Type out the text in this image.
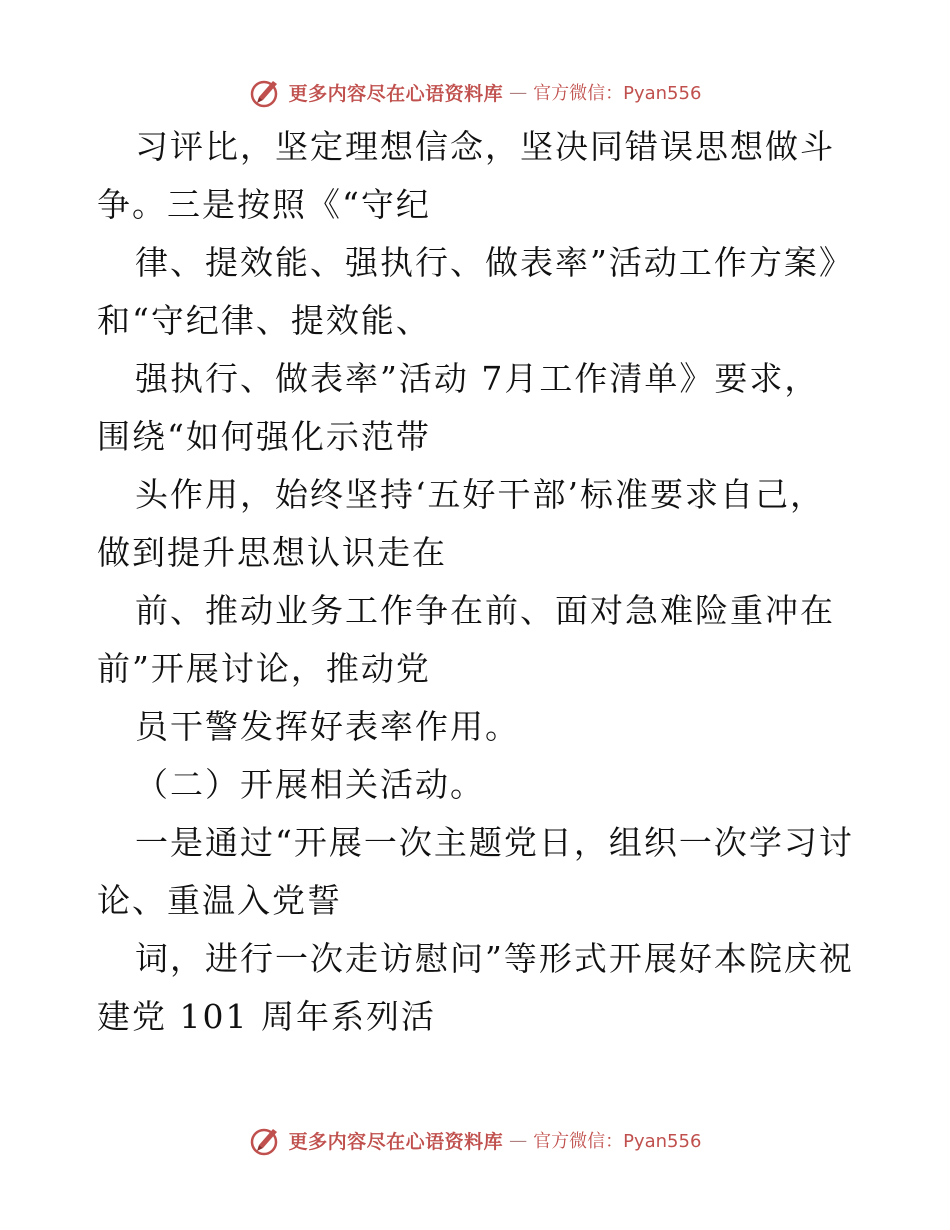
更多内容尽在心语资料库 — 官方微信：Pyan556
习评比，坚定理想信念，坚决同错误思想做斗
争。三是按照《“守纪
律、提效能、强执行、做表率”活动工作方案》
和“守纪律、提效能、
强执行、做表率”活动 7月工作清单》要求，
围绕“如何强化示范带
头作用，始终坚持‘五好干部’标准要求自己，
做到提升思想认识走在
前、推动业务工作争在前、面对急难险重冲在
前”开展讨论，推动党
员干警发挥好表率作用。
（二）开展相关活动。
一是通过“开展一次主题党日，组织一次学习讨
论、重温入党誓
词，进行一次走访慰问”等形式开展好本院庆祝
建党 101 周年系列活
更多内容尽在心语资料库 — 官方微信：Pyan556
